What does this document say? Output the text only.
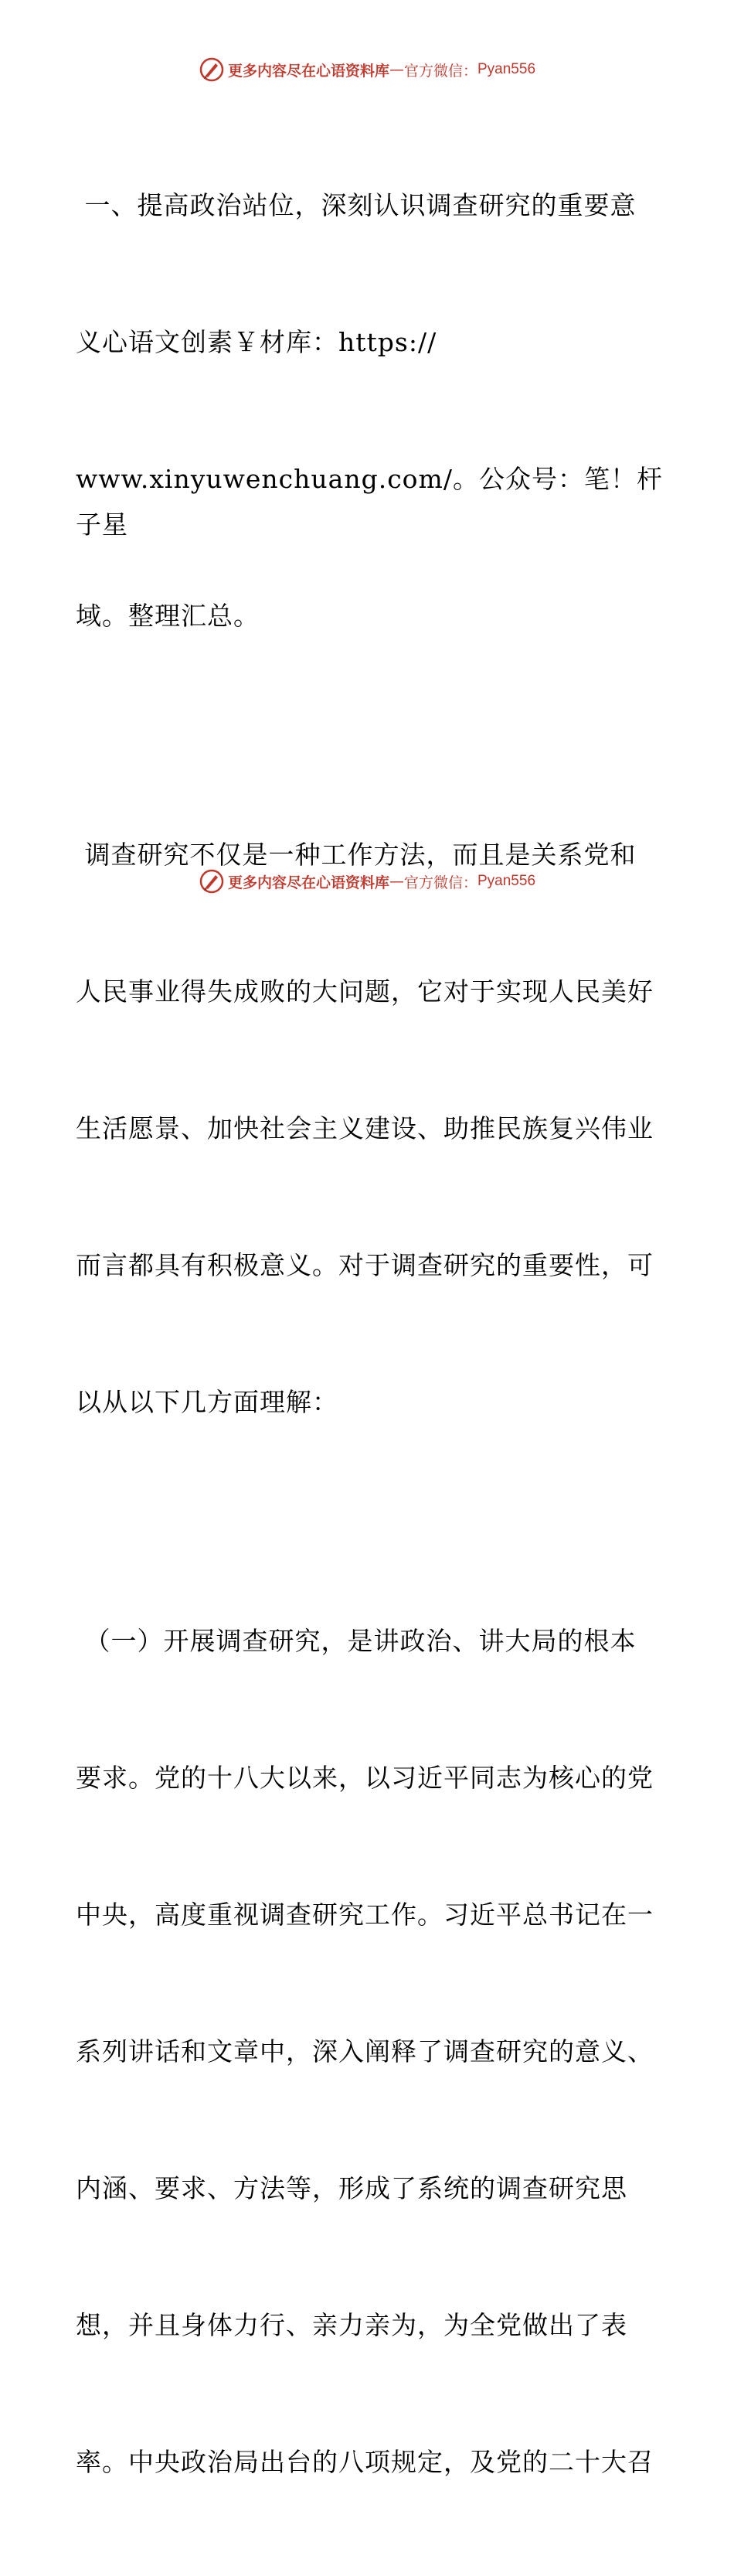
更多内容尽在心语资料库 — 官方微信： Pyan556

一、提高政治站位，深刻认识调查研究的重要意

义心语文创素￥材库：https://

www.xinyuwenchuang.com/。公众号：笔！杆子星

域。整理汇总。

调查研究不仅是一种工作方法，而且是关系党和

人民事业得失成败的大问题，它对于实现人民美好

生活愿景、加快社会主义建设、助推民族复兴伟业

而言都具有积极意义。对于调查研究的重要性，可

以从以下几方面理解：

（一）开展调查研究，是讲政治、讲大局的根本

要求。党的十八大以来，以习近平同志为核心的党

中央，高度重视调查研究工作。习近平总书记在一

系列讲话和文章中，深入阐释了调查研究的意义、

内涵、要求、方法等，形成了系统的调查研究思

想，并且身体力行、亲力亲为，为全党做出了表

率。中央政治局出台的八项规定，及党的二十大召

更多内容尽在心语资料库 — 官方微信： Pyan556
